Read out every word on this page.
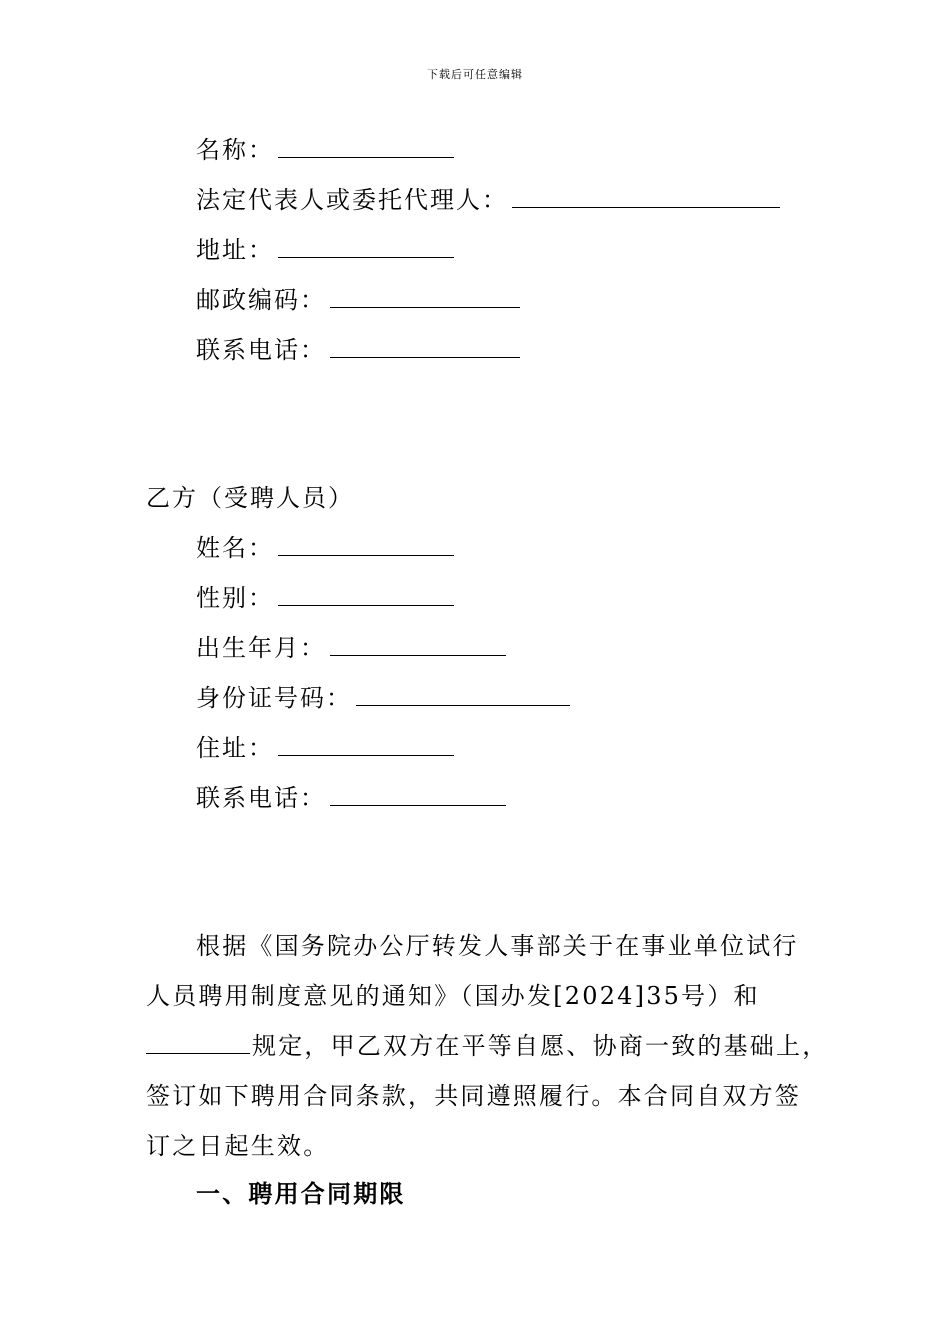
下载后可任意编辑
名称：
法定代表人或委托代理人：
地址：
邮政编码：
联系电话：
乙方（受聘人员）
姓名：
性别：
出生年月：
身份证号码：
住址：
联系电话：
根据《国务院办公厅转发人事部关于在事业单位试行
人员聘用制度意见的通知》（国办发[2024]35号）和
规定，甲乙双方在平等自愿、协商一致的基础上，
签订如下聘用合同条款，共同遵照履行。本合同自双方签
订之日起生效。
一、聘用合同期限
